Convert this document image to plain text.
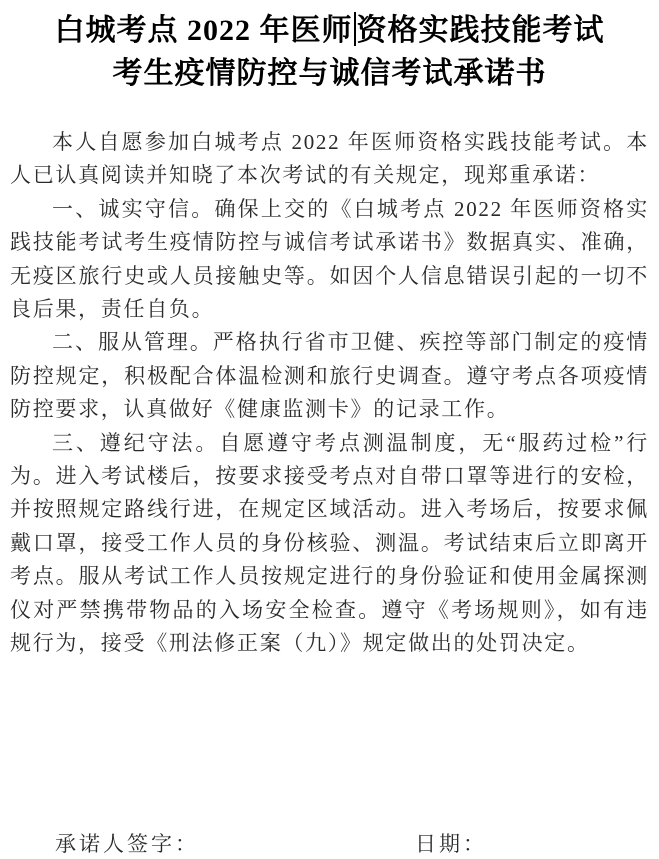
白城考点 2022 年医师 资格实践技能考试
考生疫情防控与诚信考试承诺书

本人自愿参加白城考点 2022 年医师资格实践技能考试。本人已认真阅读并知晓了本次考试的有关规定，现郑重承诺：

一、诚实守信。确保上交的《白城考点 2022 年医师资格实践技能考试考生疫情防控与诚信考试承诺书》数据真实、准确，无疫区旅行史或人员接触史等。如因个人信息错误引起的一切不良后果，责任自负。

二、服从管理。严格执行省市卫健、疾控等部门制定的疫情防控规定，积极配合体温检测和旅行史调查。遵守考点各项疫情防控要求，认真做好《健康监测卡》的记录工作。

三、遵纪守法。自愿遵守考点测温制度，无“服药过检”行为。进入考试楼后，按要求接受考点对自带口罩等进行的安检，并按照规定路线行进，在规定区域活动。进入考场后，按要求佩戴口罩，接受工作人员的身份核验、测温。考试结束后立即离开考点。服从考试工作人员按规定进行的身份验证和使用金属探测仪对严禁携带物品的入场安全检查。遵守《考场规则》，如有违规行为，接受《刑法修正案（九）》规定做出的处罚决定。

承诺人签字：	日期：
